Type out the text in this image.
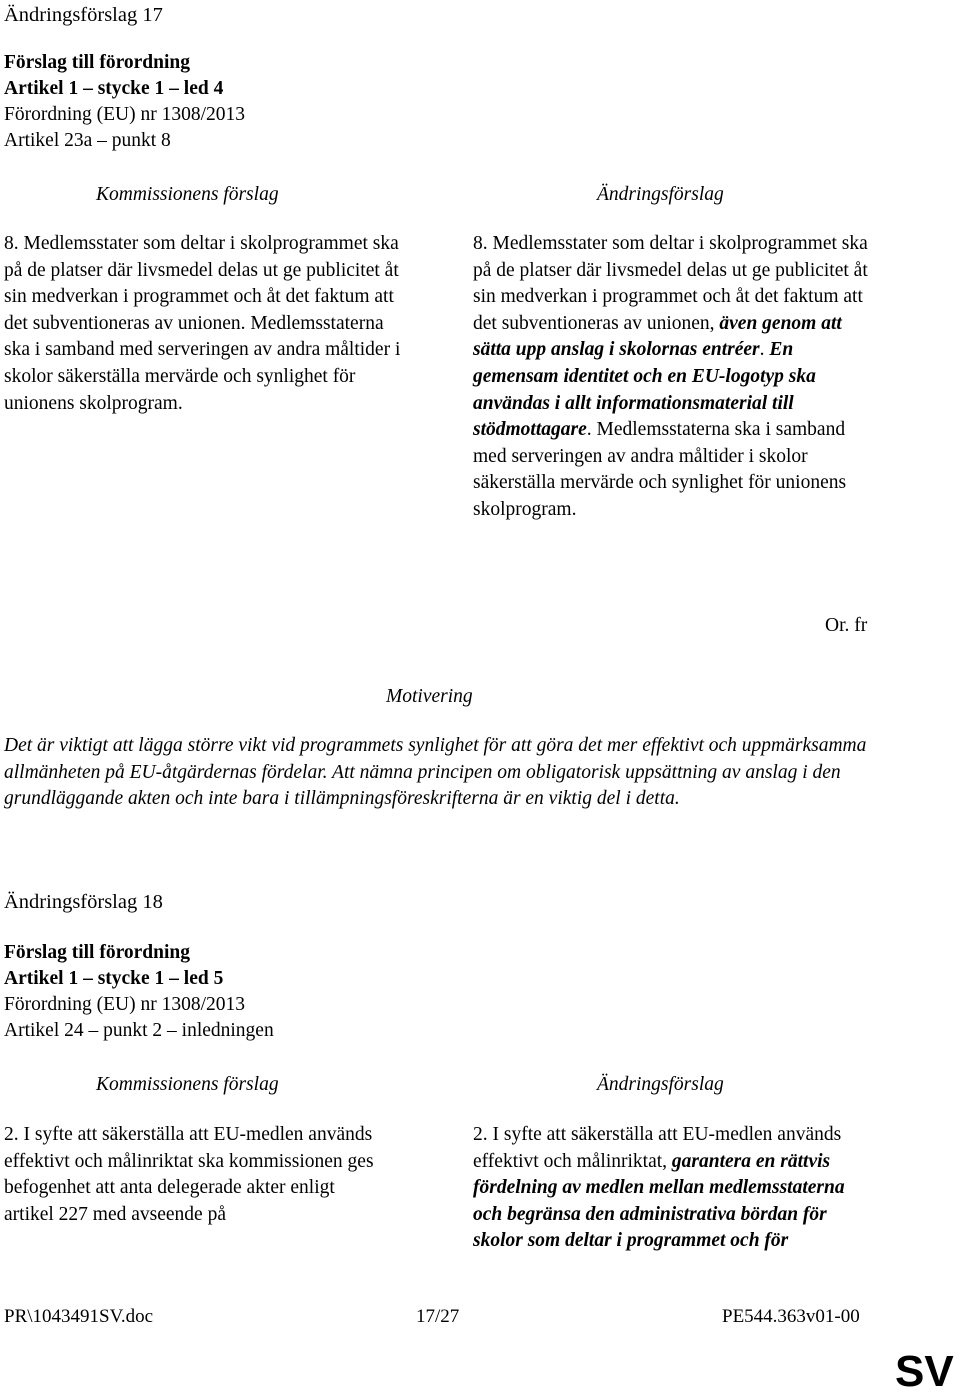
Ändringsförslag 17
Förslag till förordning
Artikel 1 – stycke 1 – led 4
Förordning (EU) nr 1308/2013
Artikel 23a – punkt 8
Kommissionens förslag	Ändringsförslag
8. Medlemsstater som deltar i skolprogrammet ska på de platser där livsmedel delas ut ge publicitet åt sin medverkan i programmet och åt det faktum att det subventioneras av unionen. Medlemsstaterna ska i samband med serveringen av andra måltider i skolor säkerställa mervärde och synlighet för unionens skolprogram.
8. Medlemsstater som deltar i skolprogrammet ska på de platser där livsmedel delas ut ge publicitet åt sin medverkan i programmet och åt det faktum att det subventioneras av unionen, även genom att sätta upp anslag i skolornas entréer. En gemensam identitet och en EU-logotyp ska användas i allt informationsmaterial till stödmottagare. Medlemsstaterna ska i samband med serveringen av andra måltider i skolor säkerställa mervärde och synlighet för unionens skolprogram.
Or. fr
Motivering
Det är viktigt att lägga större vikt vid programmets synlighet för att göra det mer effektivt och uppmärksamma allmänheten på EU-åtgärdernas fördelar. Att nämna principen om obligatorisk uppsättning av anslag i den grundläggande akten och inte bara i tillämpningsföreskrifterna är en viktig del i detta.
Ändringsförslag 18
Förslag till förordning
Artikel 1 – stycke 1 – led 5
Förordning (EU) nr 1308/2013
Artikel 24 – punkt 2 – inledningen
Kommissionens förslag	Ändringsförslag
2. I syfte att säkerställa att EU-medlen används effektivt och målinriktat ska kommissionen ges befogenhet att anta delegerade akter enligt artikel 227 med avseende på
2. I syfte att säkerställa att EU-medlen används effektivt och målinriktat, garantera en rättvis fördelning av medlen mellan medlemsstaterna och begränsa den administrativa bördan för skolor som deltar i programmet och för
PR\1043491SV.doc	17/27	PE544.363v01-00
SV
